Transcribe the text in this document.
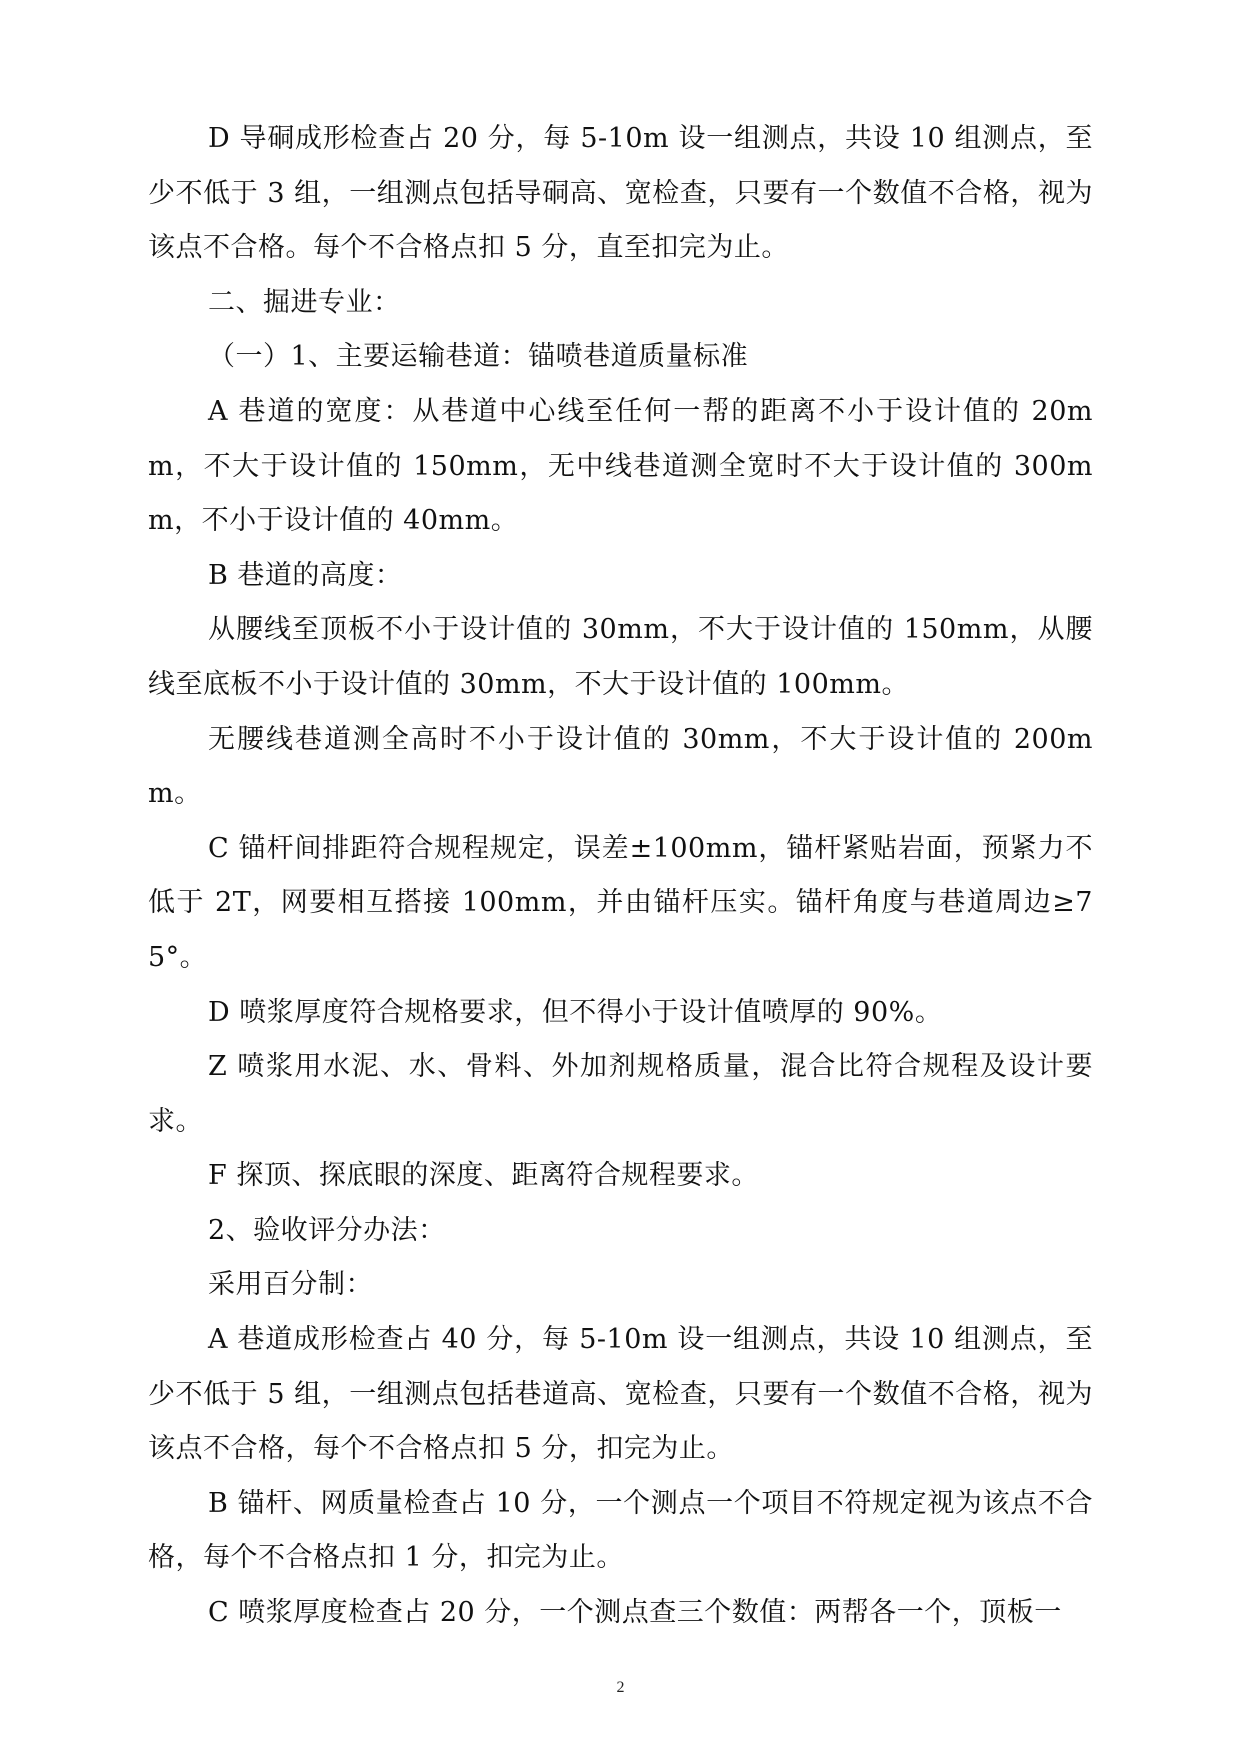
D 导硐成形检查占 20 分，每 5-10m 设一组测点，共设 10 组测点，至少不低于 3 组，一组测点包括导硐高、宽检查，只要有一个数值不合格，视为该点不合格。每个不合格点扣 5 分，直至扣完为止。

二、掘进专业：

（一）1、主要运输巷道：锚喷巷道质量标准

A 巷道的宽度：从巷道中心线至任何一帮的距离不小于设计值的 20mm，不大于设计值的 150mm，无中线巷道测全宽时不大于设计值的 300mm，不小于设计值的 40mm。

B 巷道的高度：

从腰线至顶板不小于设计值的 30mm，不大于设计值的 150mm，从腰线至底板不小于设计值的 30mm，不大于设计值的 100mm。

无腰线巷道测全高时不小于设计值的 30mm，不大于设计值的 200mm。

C 锚杆间排距符合规程规定，误差±100mm，锚杆紧贴岩面，预紧力不低于 2T，网要相互搭接 100mm，并由锚杆压实。锚杆角度与巷道周边≥75°。

D 喷浆厚度符合规格要求，但不得小于设计值喷厚的 90%。

Z 喷浆用水泥、水、骨料、外加剂规格质量，混合比符合规程及设计要求。

F 探顶、探底眼的深度、距离符合规程要求。

2、验收评分办法：

采用百分制：

A 巷道成形检查占 40 分，每 5-10m 设一组测点，共设 10 组测点，至少不低于 5 组，一组测点包括巷道高、宽检查，只要有一个数值不合格，视为该点不合格，每个不合格点扣 5 分，扣完为止。

B 锚杆、网质量检查占 10 分，一个测点一个项目不符规定视为该点不合格，每个不合格点扣 1 分，扣完为止。

C 喷浆厚度检查占 20 分，一个测点查三个数值：两帮各一个，顶板一

2
